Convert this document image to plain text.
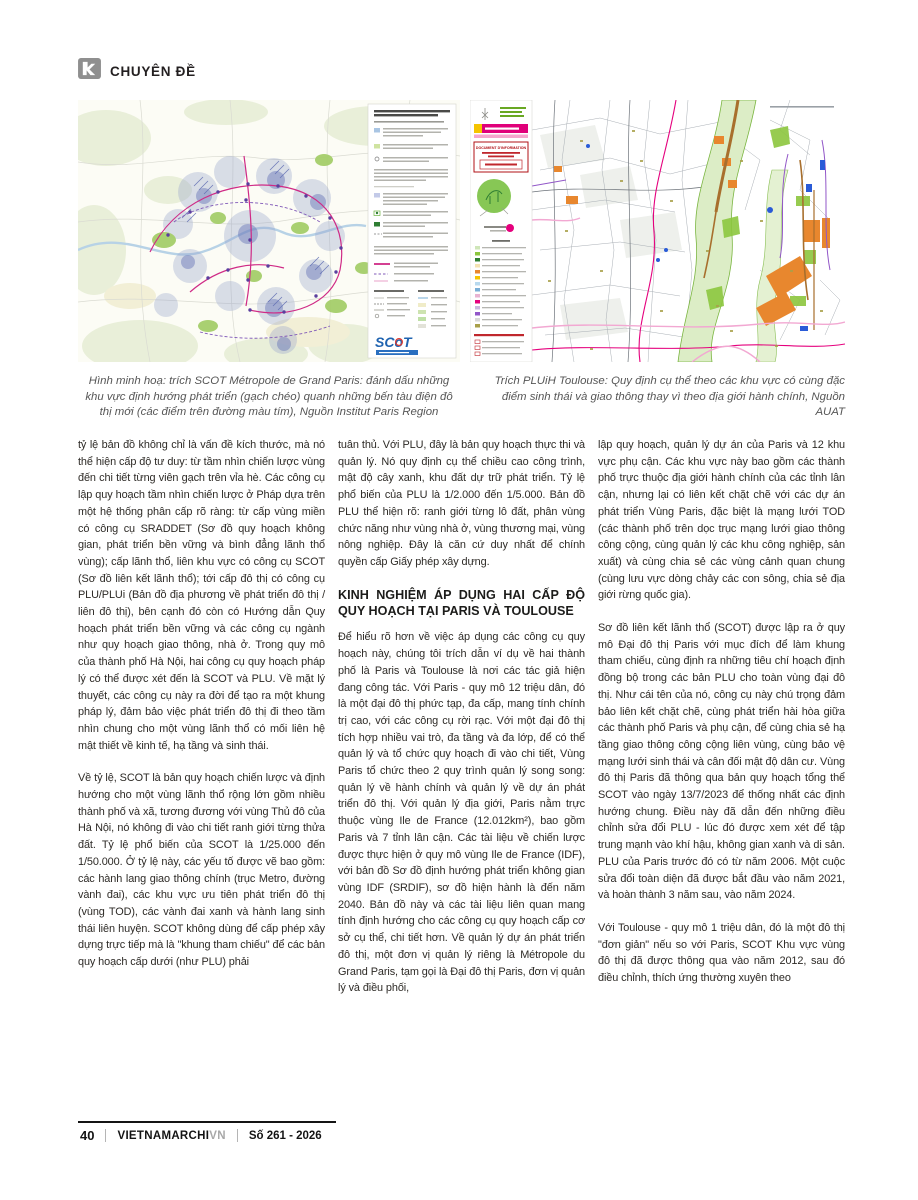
CHUYÊN ĐỀ
SCoT
Hình minh hoạ: trích SCOT Métropole de Grand Paris: đánh dấu những khu vực định hướng phát triển (gạch chéo) quanh những bến tàu điện đô thị mới (các điểm trên đường màu tím), Nguồn Institut Paris Region
DOCUMENT D'INFORMATION
Trích PLUiH Toulouse: Quy định cụ thể theo các khu vực có cùng đặc điểm sinh thái và giao thông thay vì theo địa giới hành chính, Nguồn AUAT

tỷ lệ bản đồ không chỉ là vấn đề kích thước, mà nó thể hiện cấp độ tư duy: từ tầm nhìn chiến lược vùng đến chi tiết từng viên gạch trên vỉa hè. Các công cụ lập quy hoạch tầm nhìn chiến lược ở Pháp dựa trên một hệ thống phân cấp rõ ràng: từ cấp vùng miền có công cụ SRADDET (Sơ đồ quy hoạch không gian, phát triển bền vững và bình đẳng lãnh thổ vùng); cấp lãnh thổ, liên khu vực có công cụ SCOT (Sơ đồ liên kết lãnh thổ); tới cấp đô thị có công cụ PLU/PLUi (Bản đồ địa phương về phát triển đô thị / liên đô thị), bên cạnh đó còn có Hướng dẫn Quy hoạch phát triển bền vững và các công cụ ngành như quy hoạch giao thông, nhà ở. Trong quy mô của thành phố Hà Nội, hai công cụ quy hoạch pháp lý có thể được xét đến là SCOT và PLU. Về mặt lý thuyết, các công cụ này ra đời để tạo ra một khung pháp lý, đảm bảo việc phát triển đô thị đi theo tầm nhìn chung cho một vùng lãnh thổ có mối liên hệ mật thiết về kinh tế, hạ tầng và sinh thái.

Về tỷ lệ, SCOT là bản quy hoạch chiến lược và định hướng cho một vùng lãnh thổ rộng lớn gồm nhiều thành phố và xã, tương đương với vùng Thủ đô của Hà Nội, nó không đi vào chi tiết ranh giới từng thửa đất. Tỷ lệ phổ biến của SCOT là 1/25.000 đến 1/50.000. Ở tỷ lệ này, các yếu tố được vẽ bao gồm: các hành lang giao thông chính (trục Metro, đường vành đai), các khu vực ưu tiên phát triển đô thị (vùng TOD), các vành đai xanh và hành lang sinh thái liên huyện. SCOT không dùng để cấp phép xây dựng trực tiếp mà là "khung tham chiếu" để các bản quy hoạch cấp dưới (như PLU) phải

tuân thủ. Với PLU, đây là bản quy hoạch thực thi và quản lý. Nó quy định cụ thể chiều cao công trình, mật độ cây xanh, khu đất dự trữ phát triển. Tỷ lệ phổ biến của PLU là 1/2.000 đến 1/5.000. Bản đồ PLU thể hiện rõ: ranh giới từng lô đất, phân vùng chức năng như vùng nhà ở, vùng thương mại, vùng nông nghiệp. Đây là căn cứ duy nhất để chính quyền cấp Giấy phép xây dựng.

KINH NGHIỆM ÁP DỤNG HAI CẤP ĐỘ QUY HOẠCH TẠI PARIS VÀ TOULOUSE

Để hiểu rõ hơn về việc áp dụng các công cụ quy hoạch này, chúng tôi trích dẫn ví dụ về hai thành phố là Paris và Toulouse là nơi các tác giả hiện đang công tác. Với Paris - quy mô 12 triệu dân, đó là một đại đô thị phức tạp, đa cấp, mang tính chính trị cao, với các công cụ rời rạc. Với một đại đô thị tích hợp nhiều vai trò, đa tầng và đa lớp, để có thể quản lý và tổ chức quy hoạch đi vào chi tiết, Vùng Paris tổ chức theo 2 quy trình quản lý song song: quản lý về hành chính và quản lý về dự án phát triển đô thị. Với quản lý địa giới, Paris nằm trực thuộc vùng Ile de France (12.012km²), bao gồm Paris và 7 tỉnh lân cận. Các tài liệu về chiến lược được thực hiện ở quy mô vùng Ile de France (IDF), với bản đồ Sơ đồ định hướng phát triển không gian vùng IDF (SRDIF), sơ đồ hiện hành là đến năm 2040. Bản đồ này và các tài liệu liên quan mang tính định hướng cho các công cụ quy hoạch cấp cơ sở cụ thể, chi tiết hơn. Về quản lý dự án phát triển đô thị, một đơn vị quản lý riêng là Métropole du Grand Paris, tạm gọi là Đại đô thị Paris, đơn vị quản lý và điều phối,

lập quy hoạch, quản lý dự án của Paris và 12 khu vực phụ cận. Các khu vực này bao gồm các thành phố trực thuộc địa giới hành chính của các tỉnh lân cận, nhưng lại có liên kết chặt chẽ với các dự án phát triển Vùng Paris, đặc biệt là mạng lưới TOD (các thành phố trên dọc trục mạng lưới giao thông công cộng, cùng quản lý các khu công nghiệp, sản xuất) và cùng chia sẻ các vùng cảnh quan chung (cùng lưu vực dòng chảy các con sông, chia sẻ địa giới rừng quốc gia).

Sơ đồ liên kết lãnh thổ (SCOT) được lập ra ở quy mô Đại đô thị Paris với mục đích để làm khung tham chiếu, cùng định ra những tiêu chí hoạch định đồng bộ trong các bản PLU cho toàn vùng đại đô thị. Như cái tên của nó, công cụ này chú trọng đảm bảo liên kết chặt chẽ, cùng phát triển hài hòa giữa các thành phố Paris và phụ cận, để cùng chia sẻ hạ tầng giao thông công cộng liên vùng, cùng bảo vệ mạng lưới sinh thái và cân đối mật độ dân cư. Vùng đô thị Paris đã thông qua bản quy hoạch tổng thể SCOT vào ngày 13/7/2023 để thống nhất các định hướng chung. Điều này đã dẫn đến những điều chỉnh sửa đổi PLU - lúc đó được xem xét để tập trung mạnh vào khí hậu, không gian xanh và di sản. PLU của Paris trước đó có từ năm 2006. Một cuộc sửa đổi toàn diện đã được bắt đầu vào năm 2021, và hoàn thành 3 năm sau, vào năm 2024.

Với Toulouse - quy mô 1 triệu dân, đó là một đô thị "đơn giản" nếu so với Paris, SCOT Khu vực vùng đô thị đã được thông qua vào năm 2012, sau đó điều chỉnh, thích ứng thường xuyên theo

40 VIETNAMARCHIVN Số 261 - 2026
